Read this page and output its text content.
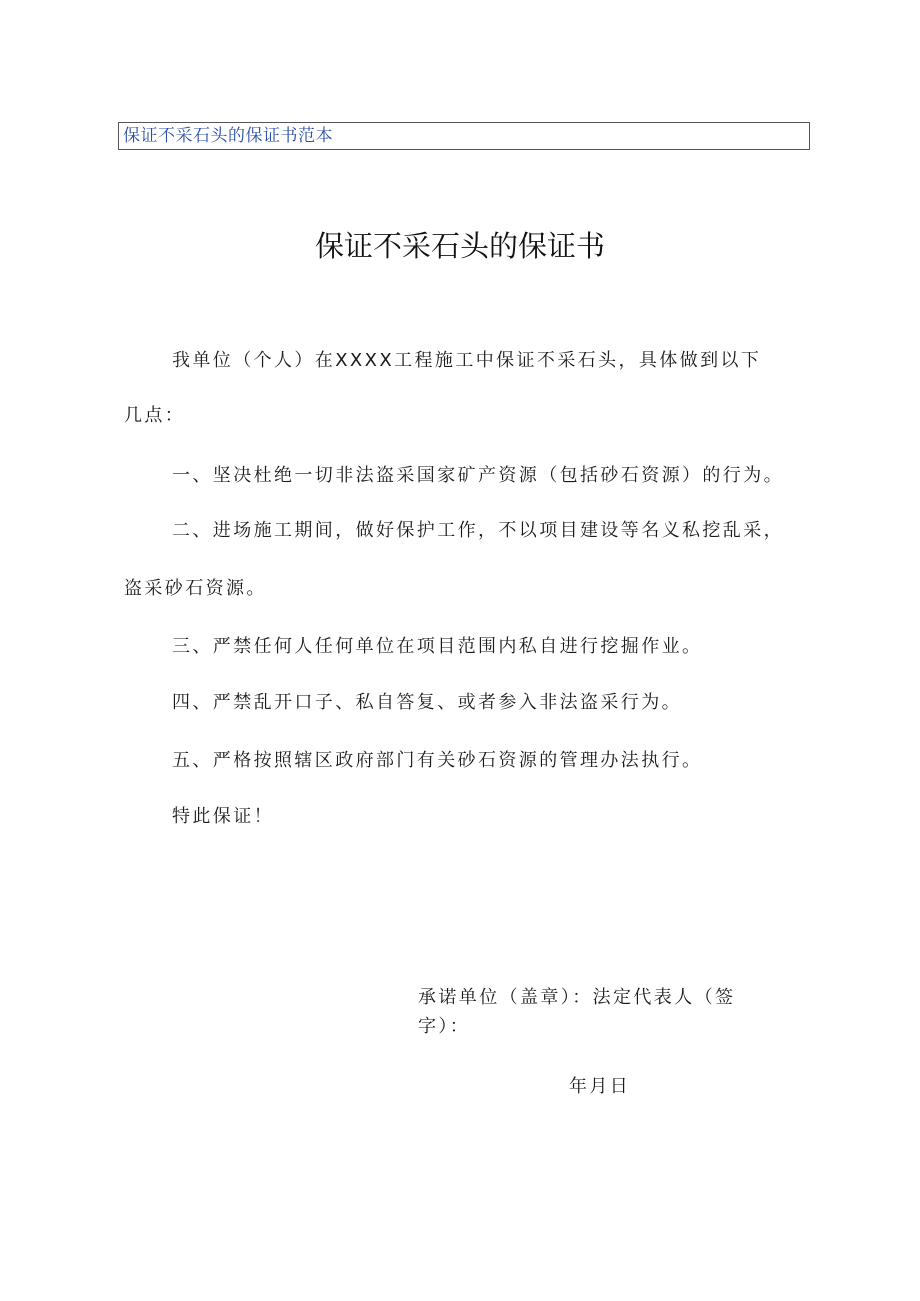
保证不采石头的保证书范本
保证不采石头的保证书
我单位（个人）在XXXX工程施工中保证不采石头，具体做到以下
几点：
一、坚决杜绝一切非法盗采国家矿产资源（包括砂石资源）的行为。
二、进场施工期间，做好保护工作，不以项目建设等名义私挖乱采，
盗采砂石资源。
三、严禁任何人任何单位在项目范围内私自进行挖掘作业。
四、严禁乱开口子、私自答复、或者参入非法盗采行为。
五、严格按照辖区政府部门有关砂石资源的管理办法执行。
特此保证！
承诺单位（盖章）：法定代表人（签
字）：
年月日
